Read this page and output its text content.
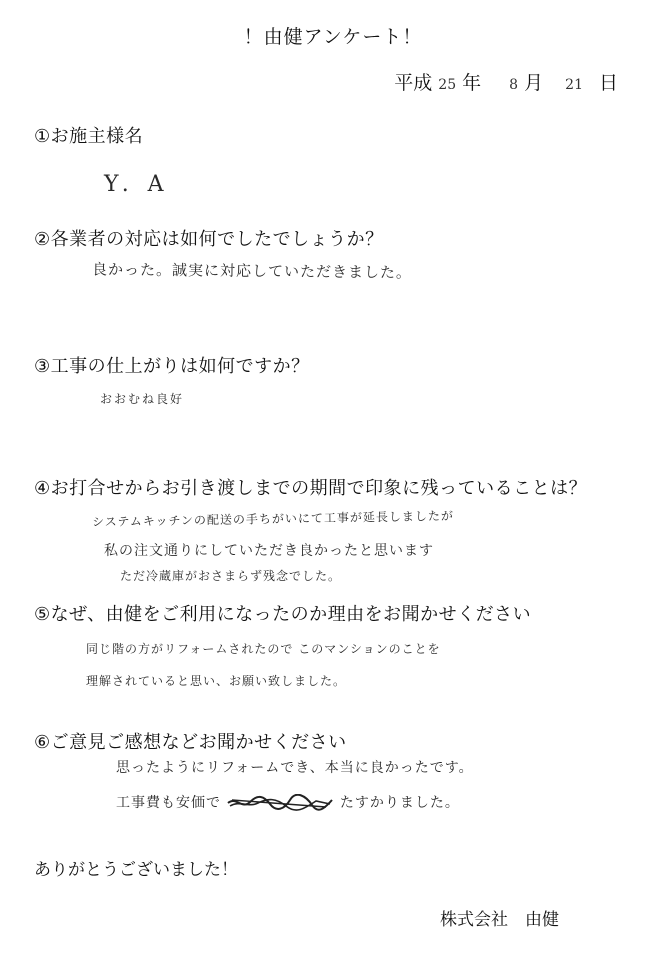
！由健アンケート！
平成 25 年 8 月 21 日
①お施主様名
Y. A
②各業者の対応は如何でしたでしょうか？
良かった。誠実に対応していただきました。
③工事の仕上がりは如何ですか？
おおむね良好
④お打合せからお引き渡しまでの期間で印象に残っていることは？
システムキッチンの配送の手ちがいにて工事が延長しましたが
私の注文通りにしていただき良かったと思います
ただ冷蔵庫がおさまらず残念でした。
⑤なぜ、由健をご利用になったのか理由をお聞かせください
同じ階の方がリフォームされたので このマンションのことを
理解されていると思い、お願い致しました。
⑥ご意見ご感想などお聞かせください
思ったようにリフォームでき、本当に良かったです。
工事費も安価で	たすかりました。
ありがとうございました！
株式会社　由健
